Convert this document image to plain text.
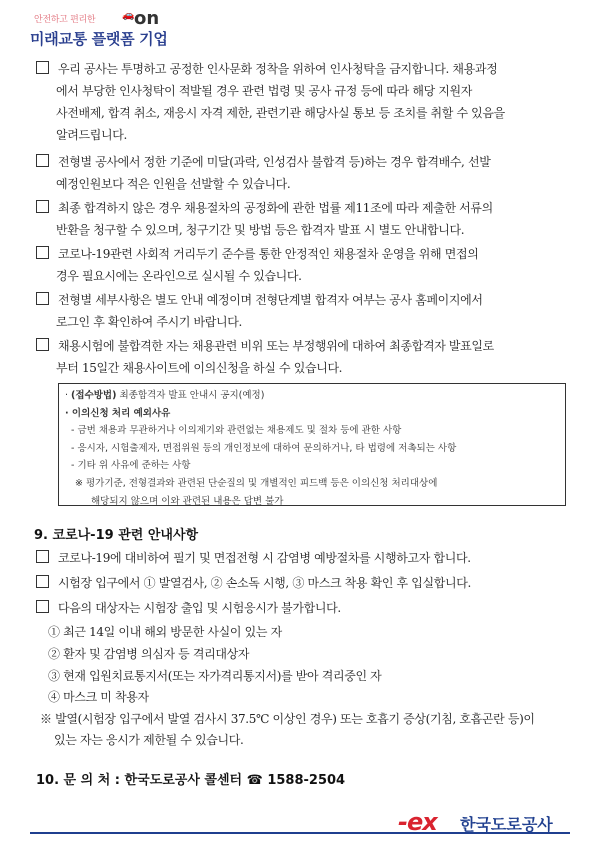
안전하고 편리한	🚗 on
미래교통 플랫폼 기업
우리 공사는 투명하고 공정한 인사문화 정착을 위하여 인사청탁을 금지합니다. 채용과정
에서 부당한 인사청탁이 적발될 경우 관련 법령 및 공사 규정 등에 따라 해당 지원자
사전배제, 합격 취소, 재응시 자격 제한, 관련기관 해당사실 통보 등 조치를 취할 수 있음을
알려드립니다.
전형별 공사에서 정한 기준에 미달(과락, 인성검사 불합격 등)하는 경우 합격배수, 선발
예정인원보다 적은 인원을 선발할 수 있습니다.
최종 합격하지 않은 경우 채용절차의 공정화에 관한 법률 제11조에 따라 제출한 서류의
반환을 청구할 수 있으며, 청구기간 및 방법 등은 합격자 발표 시 별도 안내합니다.
코로나-19관련 사회적 거리두기 준수를 통한 안정적인 채용절차 운영을 위해 면접의
경우 필요시에는 온라인으로 실시될 수 있습니다.
전형별 세부사항은 별도 안내 예정이며 전형단계별 합격자 여부는 공사 홈페이지에서
로그인 후 확인하여 주시기 바랍니다.
채용시험에 불합격한 자는 채용관련 비위 또는 부정행위에 대하여 최종합격자 발표일로
부터 15일간 채용사이트에 이의신청을 하실 수 있습니다.
· (접수방법) 최종합격자 발표 안내시 공지(예정)
· 이의신청 처리 예외사유
- 금번 채용과 무관하거나 이의제기와 관련없는 채용제도 및 절차 등에 관한 사항
- 응시자, 시험출제자, 면접위원 등의 개인정보에 대하여 문의하거나, 타 법령에 저촉되는 사항
- 기타 위 사유에 준하는 사항
※ 평가기준, 전형결과와 관련된 단순질의 및 개별적인 피드백 등은 이의신청 처리대상에
해당되지 않으며 이와 관련된 내용은 답변 불가
9. 코로나-19 관련 안내사항
코로나-19에 대비하여 필기 및 면접전형 시 감염병 예방절차를 시행하고자 합니다.
시험장 입구에서 ① 발열검사, ② 손소독 시행, ③ 마스크 착용 확인 후 입실합니다.
다음의 대상자는 시험장 출입 및 시험응시가 불가합니다.
① 최근 14일 이내 해외 방문한 사실이 있는 자
② 환자 및 감염병 의심자 등 격리대상자
③ 현재 입원치료통지서(또는 자가격리통지서)를 받아 격리중인 자
④ 마스크 미 착용자
※ 발열(시험장 입구에서 발열 검사시 37.5℃ 이상인 경우) 또는 호흡기 증상(기침, 호흡곤란 등)이
있는 자는 응시가 제한될 수 있습니다.
10. 문 의 처 : 한국도로공사 콜센터 ☎ 1588-2504
-ex 한국도로공사
